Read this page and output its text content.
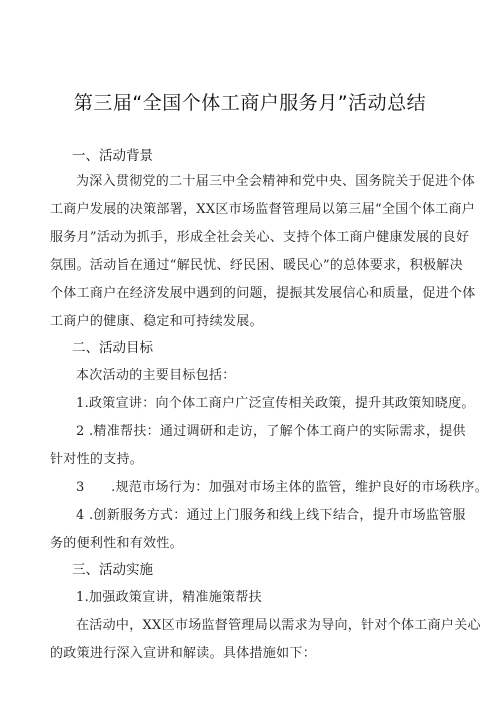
第三届“全国个体工商户服务月”活动总结
一、活动背景
为深入贯彻党的二十届三中全会精神和党中央、国务院关于促进个体
工商户发展的决策部署，XX区市场监督管理局以第三届“全国个体工商户
服务月”活动为抓手，形成全社会关心、支持个体工商户健康发展的良好
氛围。活动旨在通过“解民忧、纾民困、暖民心”的总体要求，积极解决
个体工商户在经济发展中遇到的问题，提振其发展信心和质量，促进个体
工商户的健康、稳定和可持续发展。
二、活动目标
本次活动的主要目标包括：
1.政策宣讲：向个体工商户广泛宣传相关政策，提升其政策知晓度。
2 .精准帮扶：通过调研和走访，了解个体工商户的实际需求，提供
针对性的支持。
3　　.规范市场行为：加强对市场主体的监管，维护良好的市场秩序。
4 .创新服务方式：通过上门服务和线上线下结合，提升市场监管服
务的便利性和有效性。
三、活动实施
1.加强政策宣讲，精准施策帮扶
在活动中，XX区市场监督管理局以需求为导向，针对个体工商户关心
的政策进行深入宣讲和解读。具体措施如下：
